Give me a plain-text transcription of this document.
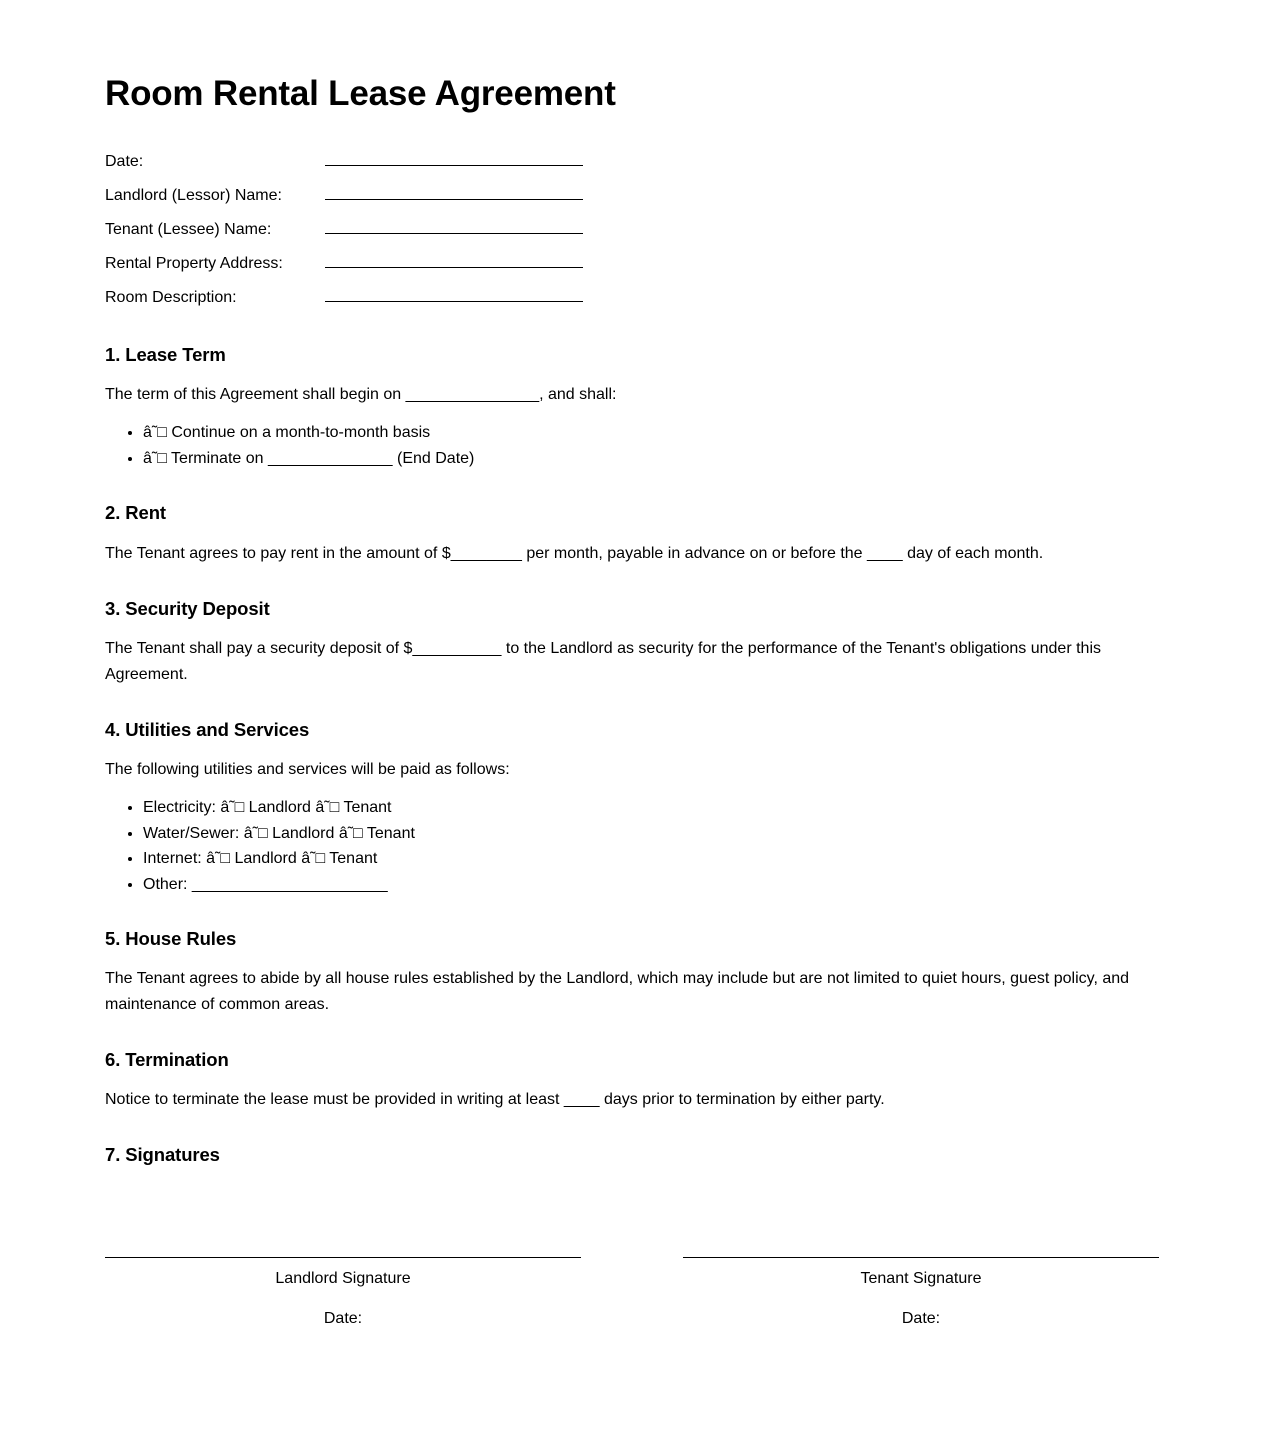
Room Rental Lease Agreement
Date:
Landlord (Lessor) Name:
Tenant (Lessee) Name:
Rental Property Address:
Room Description:
1. Lease Term

The term of this Agreement shall begin on _______________, and shall:

• â˜□ Continue on a month-to-month basis
• â˜□ Terminate on ______________ (End Date)
2. Rent

The Tenant agrees to pay rent in the amount of $________ per month, payable in advance on or before the ____ day of each month.

3. Security Deposit

The Tenant shall pay a security deposit of $__________ to the Landlord as security for the performance of the Tenant's obligations under this Agreement.

4. Utilities and Services

The following utilities and services will be paid as follows:

• Electricity: â˜□ Landlord â˜□ Tenant
• Water/Sewer: â˜□ Landlord â˜□ Tenant
• Internet: â˜□ Landlord â˜□ Tenant
• Other: ______________________
5. House Rules

The Tenant agrees to abide by all house rules established by the Landlord, which may include but are not limited to quiet hours, guest policy, and maintenance of common areas.

6. Termination

Notice to terminate the lease must be provided in writing at least ____ days prior to termination by either party.

7. Signatures
Landlord Signature
Date:
Tenant Signature
Date:
